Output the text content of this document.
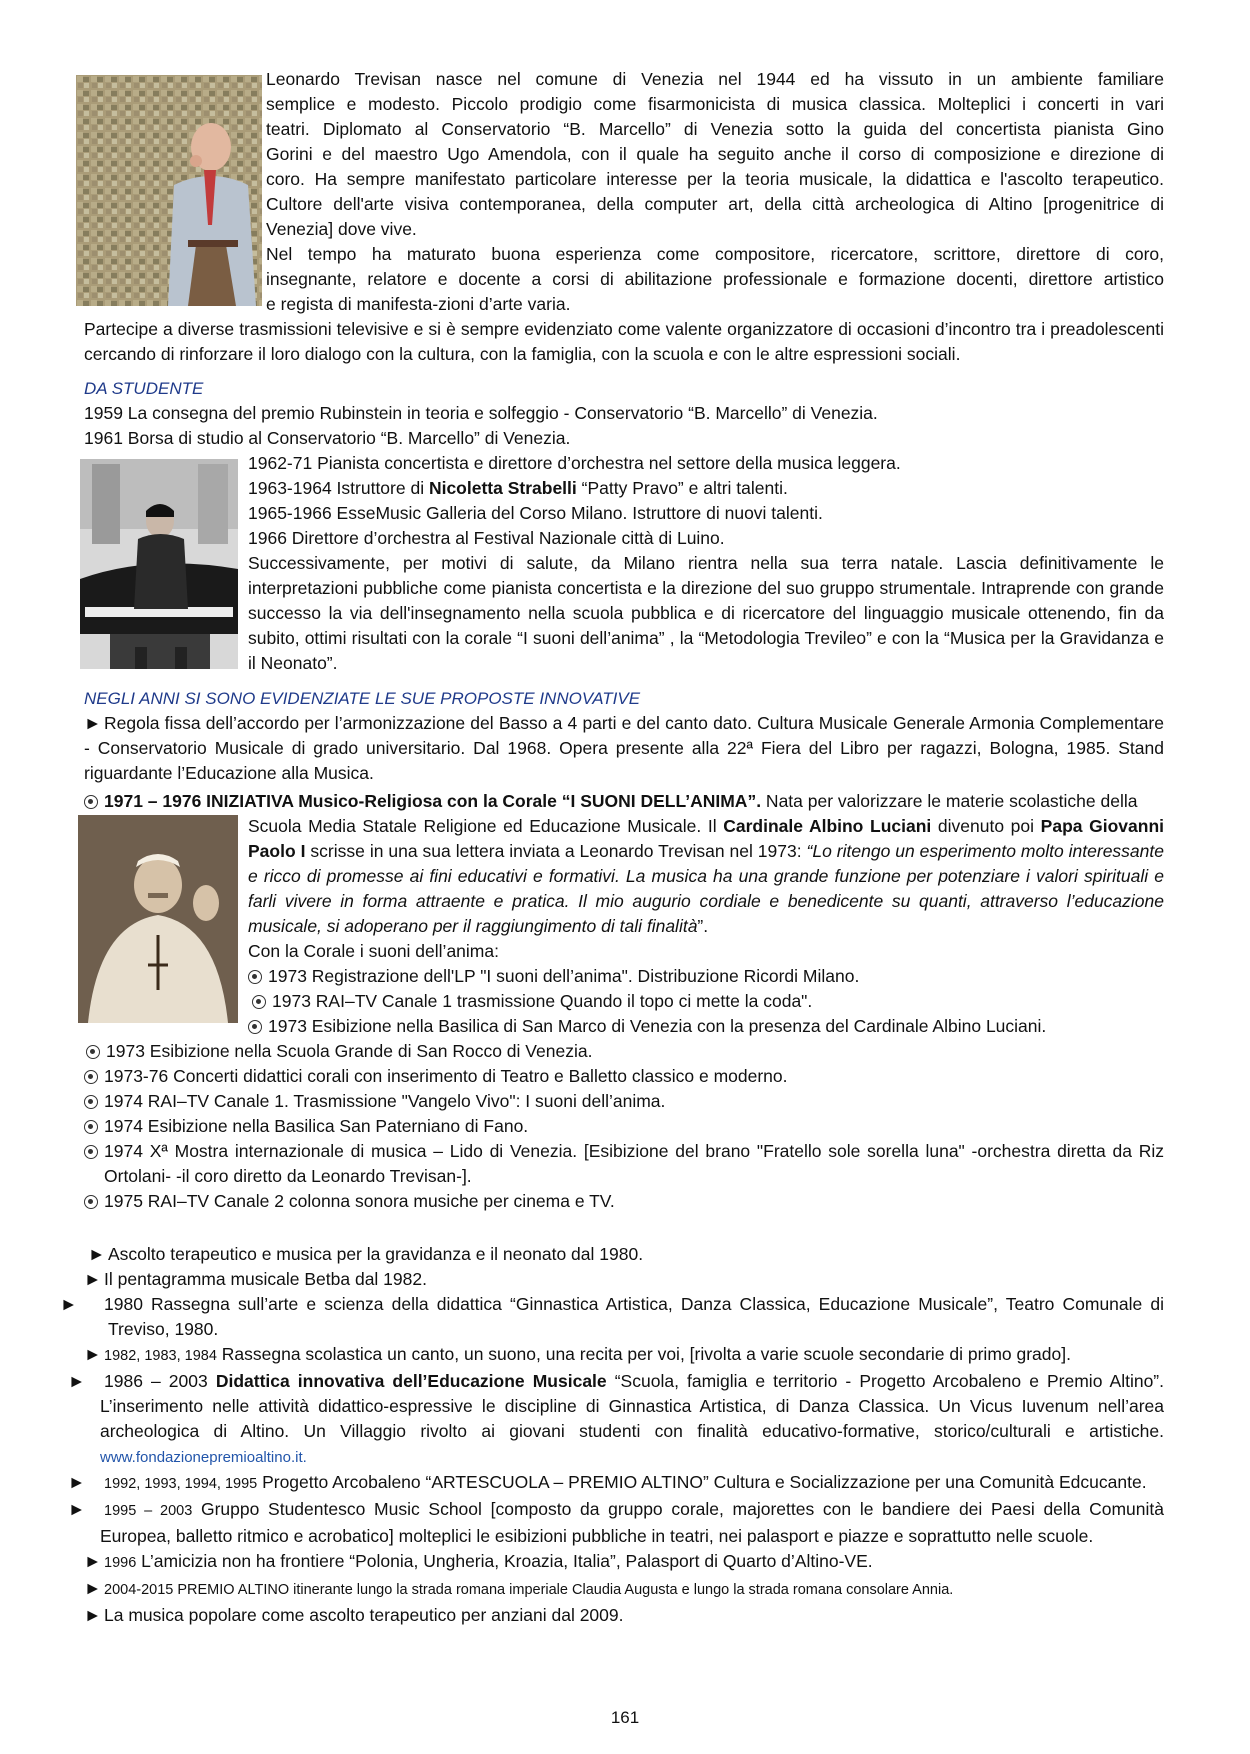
Leonardo Trevisan nasce nel comune di Venezia nel 1944 ed ha vissuto in un ambiente familiare
semplice e modesto. Piccolo prodigio come fisarmonicista di musica classica. Molteplici i concerti in vari
teatri. Diplomato al Conservatorio “B. Marcello” di Venezia sotto la guida del concertista pianista Gino
Gorini e del maestro Ugo Amendola, con il quale ha seguito anche il corso di composizione e direzione di
coro. Ha sempre manifestato particolare interesse per la teoria musicale, la didattica e l'ascolto terapeutico.
Cultore dell'arte visiva contemporanea, della computer art, della città archeologica di Altino [progenitrice di
Venezia] dove vive.
Nel tempo ha maturato buona esperienza come compositore, ricercatore, scrittore, direttore di coro,
insegnante, relatore e docente a corsi di abilitazione professionale e formazione docenti, direttore artistico
e regista di manifesta-zioni d’arte varia.
Partecipe a diverse trasmissioni televisive e si è sempre evidenziato come valente organizzatore di occasioni d’incontro tra i preadolescenti cercando di rinforzare il loro dialogo con la cultura, con la famiglia, con la scuola e con le altre espressioni sociali.
DA STUDENTE

1959 La consegna del premio Rubinstein in teoria e solfeggio - Conservatorio “B. Marcello” di Venezia.

1961 Borsa di studio al Conservatorio “B. Marcello” di Venezia.

1962-71 Pianista concertista e direttore d’orchestra nel settore della musica leggera.

1963-1964 Istruttore di Nicoletta Strabelli “Patty Pravo” e altri talenti.

1965-1966 EsseMusic Galleria del Corso Milano. Istruttore di nuovi talenti.

1966 Direttore d’orchestra al Festival Nazionale città di Luino.

Successivamente, per motivi di salute, da Milano rientra nella sua terra natale. Lascia definitivamente le interpretazioni pubbliche come pianista concertista e la direzione del suo gruppo strumentale. Intraprende con grande successo la via dell'insegnamento nella scuola pubblica e di ricercatore del linguaggio musicale ottenendo, fin da subito, ottimi risultati con la corale “I suoni dell’anima” , la “Metodologia Trevileo” e con la “Musica per la Gravidanza e il Neonato”.

NEGLI ANNI SI SONO EVIDENZIATE LE SUE PROPOSTE INNOVATIVE
► Regola fissa dell’accordo per l’armonizzazione del Basso a 4 parti e del canto dato. Cultura Musicale Generale Armonia Complementare - Conservatorio Musicale di grado universitario. Dal 1968. Opera presente alla 22ª Fiera del Libro per ragazzi, Bologna, 1985. Stand riguardante l’Educazione alla Musica.
1971 – 1976 INIZIATIVA Musico-Religiosa con la Corale “I SUONI DELL’ANIMA”. Nata per valorizzare le materie scolastiche della
Scuola Media Statale Religione ed Educazione Musicale. Il Cardinale Albino Luciani divenuto poi Papa Giovanni Paolo I scrisse in una sua lettera inviata a Leonardo Trevisan nel 1973: “Lo ritengo un esperimento molto interessante e ricco di promesse ai fini educativi e formativi. La musica ha una grande funzione per potenziare i valori spirituali e farli vivere in forma attraente e pratica. Il mio augurio cordiale e benedicente su quanti, attraverso l’educazione musicale, si adoperano per il raggiungimento di tali finalità”.

Con la Corale i suoni dell’anima:

1973 Registrazione dell'LP "I suoni dell’anima". Distribuzione Ricordi Milano.

1973 RAI–TV Canale 1 trasmissione Quando il topo ci mette la coda".

1973 Esibizione nella Basilica di San Marco di Venezia con la presenza del Cardinale Albino Luciani.

1973 Esibizione nella Scuola Grande di San Rocco di Venezia.

1973-76 Concerti didattici corali con inserimento di Teatro e Balletto classico e moderno.

1974 RAI–TV Canale 1. Trasmissione "Vangelo Vivo": I suoni dell’anima.

1974 Esibizione nella Basilica San Paterniano di Fano.

1974 Xª Mostra internazionale di musica – Lido di Venezia. [Esibizione del brano "Fratello sole sorella luna" -orchestra diretta da Riz Ortolani- -il coro diretto da Leonardo Trevisan-].

1975 RAI–TV Canale 2 colonna sonora musiche per cinema e TV.

► Ascolto terapeutico e musica per la gravidanza e il neonato dal 1980.

► Il pentagramma musicale Betba dal 1982.

► 1980 Rassegna sull’arte e scienza della didattica “Ginnastica Artistica, Danza Classica, Educazione Musicale”, Teatro Comunale di Treviso, 1980.

► 1982, 1983, 1984 Rassegna scolastica un canto, un suono, una recita per voi, [rivolta a varie scuole secondarie di primo grado].

► 1986 – 2003 Didattica innovativa dell’Educazione Musicale “Scuola, famiglia e territorio - Progetto Arcobaleno e Premio Altino”. L’inserimento nelle attività didattico-espressive le discipline di Ginnastica Artistica, di Danza Classica. Un Vicus Iuvenum nell’area archeologica di Altino. Un Villaggio rivolto ai giovani studenti con finalità educativo-formative, storico/culturali e artistiche. www.fondazionepremioaltino.it.

► 1992, 1993, 1994, 1995 Progetto Arcobaleno “ARTESCUOLA – PREMIO ALTINO” Cultura e Socializzazione per una Comunità Edcucante.

► 1995 – 2003 Gruppo Studentesco Music School [composto da gruppo corale, majorettes con le bandiere dei Paesi della Comunità Europea, balletto ritmico e acrobatico] molteplici le esibizioni pubbliche in teatri, nei palasport e piazze e soprattutto nelle scuole.

► 1996 L’amicizia non ha frontiere “Polonia, Ungheria, Kroazia, Italia”, Palasport di Quarto d’Altino-VE.

► 2004-2015 PREMIO ALTINO itinerante lungo la strada romana imperiale Claudia Augusta e lungo la strada romana consolare Annia.

► La musica popolare come ascolto terapeutico per anziani dal 2009.

161
